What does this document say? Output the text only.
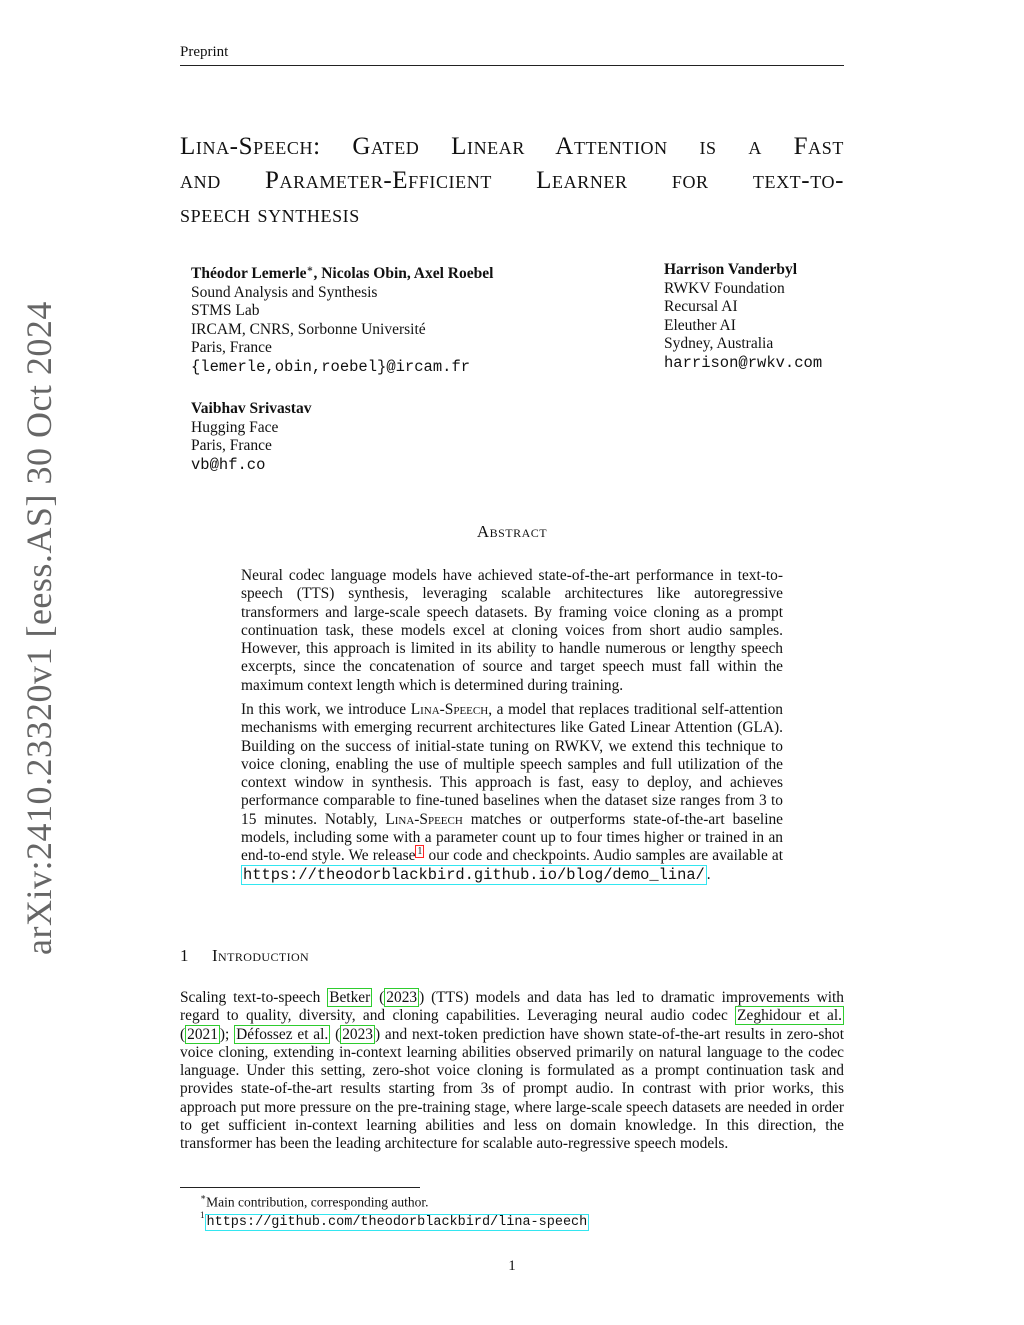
Preprint
arXiv:2410.23320v1 [eess.AS] 30 Oct 2024
Lina-Speech: Gated Linear Attention is a Fast
and Parameter-Efficient Learner for text-to-
speech synthesis
Théodor Lemerle∗, Nicolas Obin, Axel Roebel
Sound Analysis and Synthesis
STMS Lab
IRCAM, CNRS, Sorbonne Université
Paris, France
{lemerle,obin,roebel}@ircam.fr
Harrison Vanderbyl
RWKV Foundation
Recursal AI
Eleuther AI
Sydney, Australia
harrison@rwkv.com
Vaibhav Srivastav
Hugging Face
Paris, France
vb@hf.co
Abstract
Neural codec language models have achieved state-of-the-art performance in text-to-speech (TTS) synthesis, leveraging scalable architectures like autoregressive transformers and large-scale speech datasets. By framing voice cloning as a prompt continuation task, these models excel at cloning voices from short audio samples. However, this approach is limited in its ability to handle numerous or lengthy speech excerpts, since the concatenation of source and target speech must fall within the maximum context length which is determined during training.
In this work, we introduce Lina-Speech, a model that replaces traditional self-attention mechanisms with emerging recurrent architectures like Gated Linear Attention (GLA). Building on the success of initial-state tuning on RWKV, we extend this technique to voice cloning, enabling the use of multiple speech samples and full utilization of the context window in synthesis. This approach is fast, easy to deploy, and achieves performance comparable to fine-tuned baselines when the dataset size ranges from 3 to 15 minutes. Notably, Lina-Speech matches or outperforms state-of-the-art baseline models, including some with a parameter count up to four times higher or trained in an end-to-end style. We release $^1$ our code and checkpoints. Audio samples are available at https://theodorblackbird.github.io/blog/demo_lina/ .
1 Introduction
Scaling text-to-speech Betker ( 2023 ) (TTS) models and data has led to dramatic improvements with regard to quality, diversity, and cloning capabilities. Leveraging neural audio codec Zeghidour et al. ( 2021 ); Défossez et al. ( 2023 ) and next-token prediction have shown state-of-the-art results in zero-shot voice cloning, extending in-context learning abilities observed primarily on natural language to the codec language. Under this setting, zero-shot voice cloning is formulated as a prompt continuation task and provides state-of-the-art results starting from 3s of prompt audio. In contrast with prior works, this approach put more pressure on the pre-training stage, where large-scale speech datasets are needed in order to get sufficient in-context learning abilities and less on domain knowledge. In this direction, the transformer has been the leading architecture for scalable auto-regressive speech models.
∗Main contribution, corresponding author.
$^1$ https://github.com/theodorblackbird/lina-speech
1
